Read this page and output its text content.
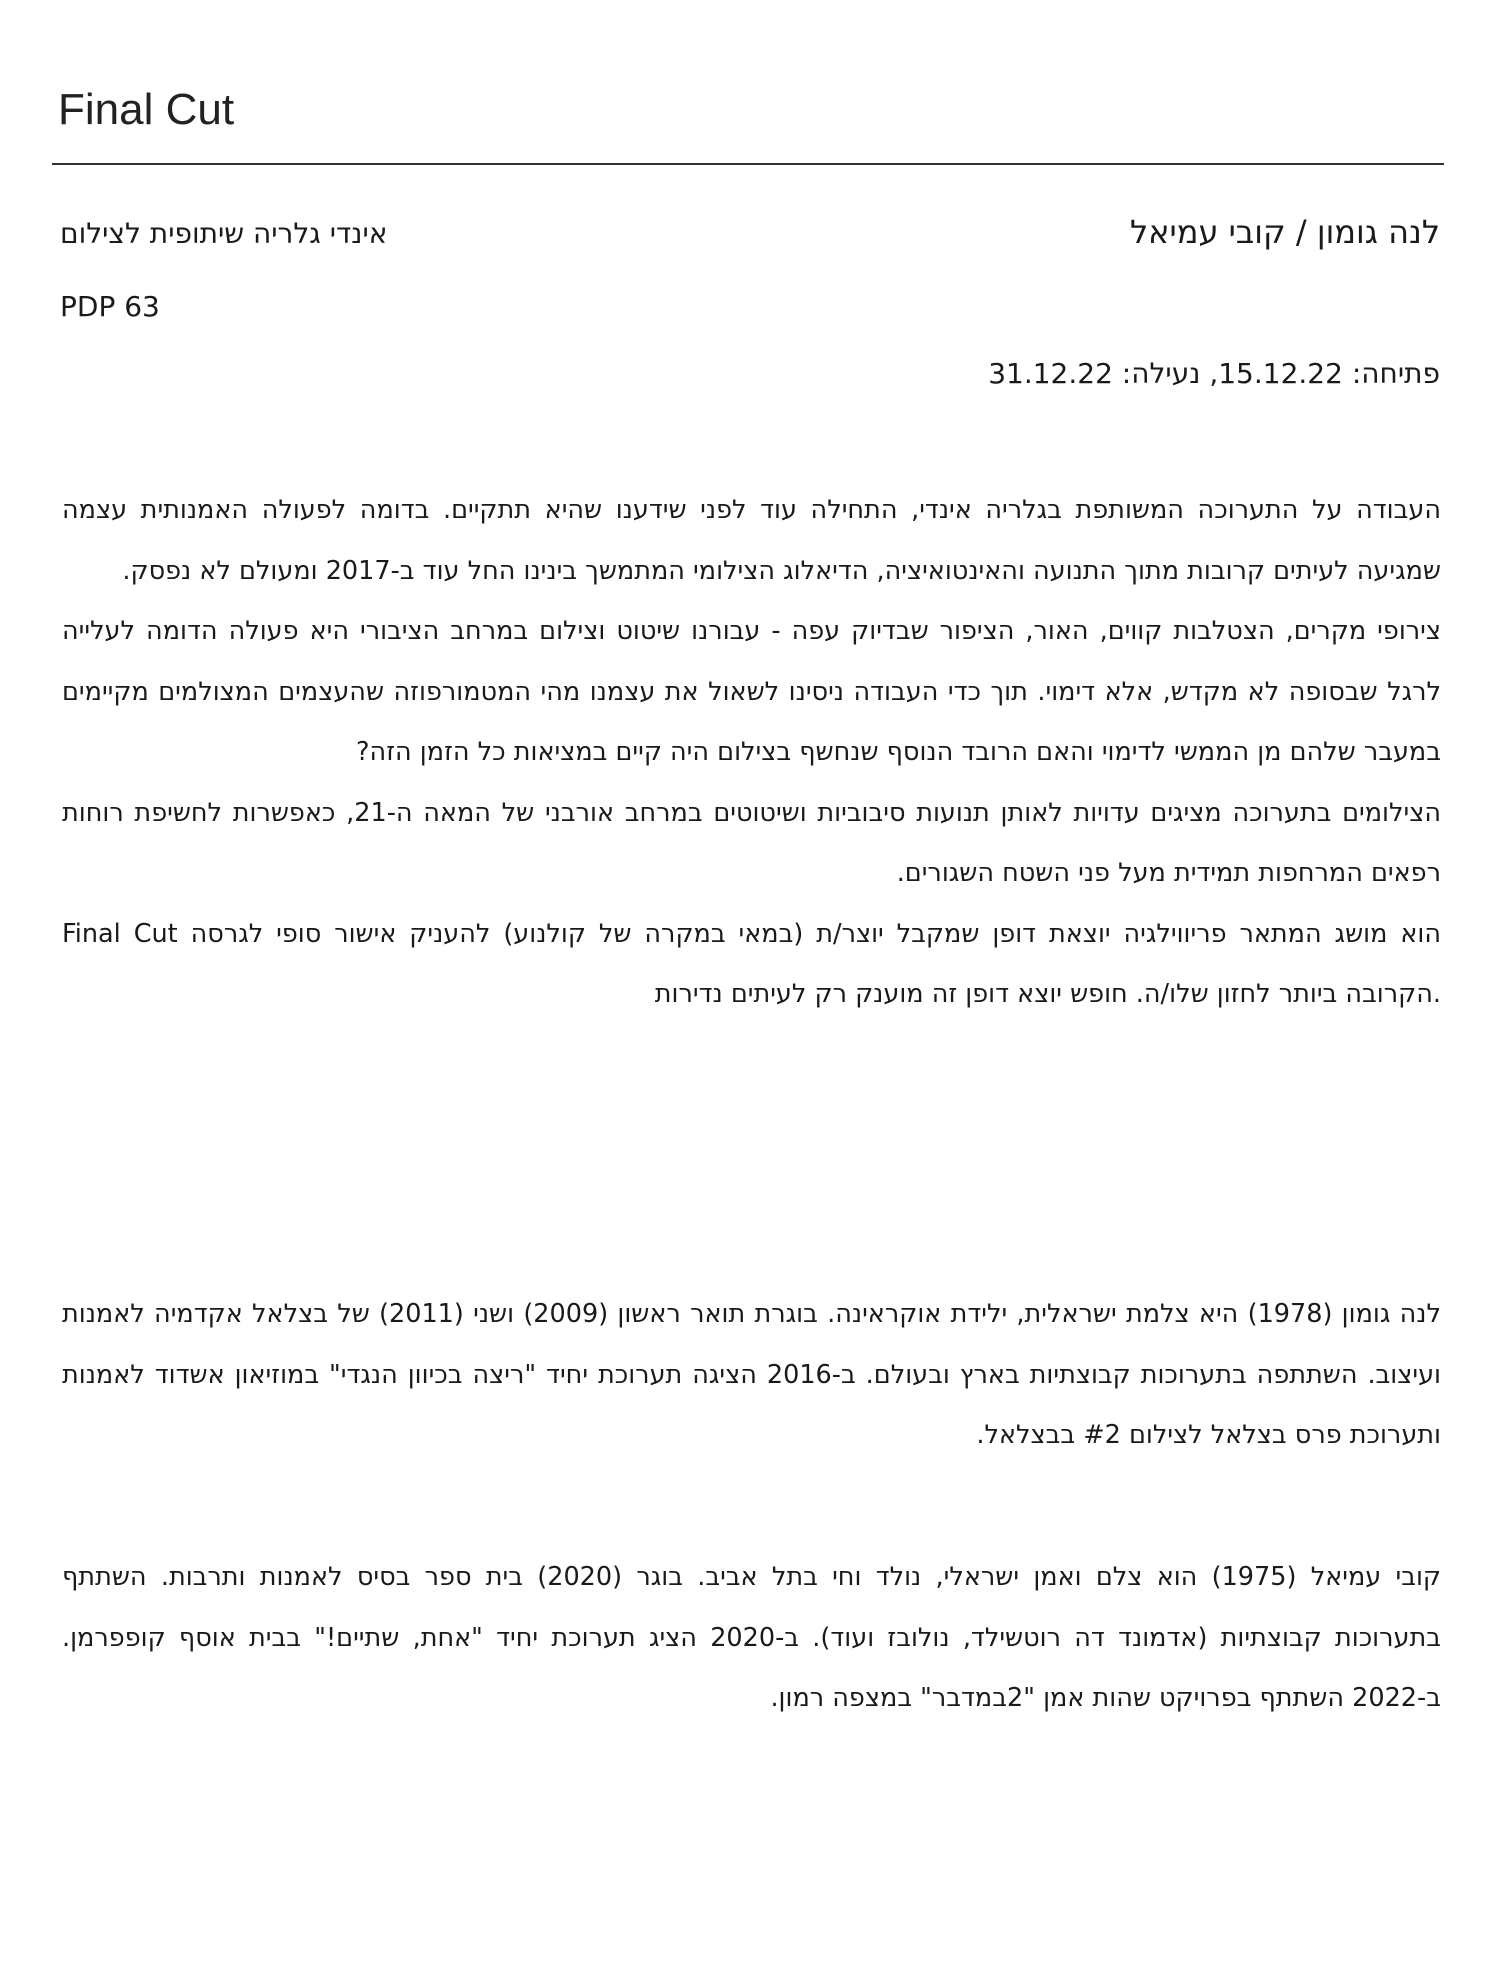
Final Cut
לנה גומון / קובי עמיאל
אינדי גלריה שיתופית לצילום
PDP 63
פתיחה: 15.12.22, נעילה: 31.12.22

העבודה על התערוכה המשותפת בגלריה אינדי, התחילה עוד לפני שידענו שהיא תתקיים. בדומה לפעולה האמנותית עצמה שמגיעה לעיתים קרובות מתוך התנועה והאינטואיציה, הדיאלוג הצילומי המתמשך בינינו החל עוד ב-2017 ומעולם לא נפסק.

צירופי מקרים, הצטלבות קווים, האור, הציפור שבדיוק עפה - עבורנו שיטוט וצילום במרחב הציבורי היא פעולה הדומה לעלייה לרגל שבסופה לא מקדש, אלא דימוי. תוך כדי העבודה ניסינו לשאול את עצמנו מהי המטמורפוזה שהעצמים המצולמים מקיימים במעבר שלהם מן הממשי לדימוי והאם הרובד הנוסף שנחשף בצילום היה קיים במציאות כל הזמן הזה?

הצילומים בתערוכה מציגים עדויות לאותן תנועות סיבוביות ושיטוטים במרחב אורבני של המאה ה-21, כאפשרות לחשיפת רוחות רפאים המרחפות תמידית מעל פני השטח השגורים.

Final Cut הוא מושג המתאר פריווילגיה יוצאת דופן שמקבל יוצר/ת (במאי במקרה של קולנוע) להעניק אישור סופי לגרסה הקרובה ביותר לחזון שלו/ה. חופש יוצא דופן זה מוענק רק לעיתים נדירות.

לנה גומון (1978) היא צלמת ישראלית, ילידת אוקראינה. בוגרת תואר ראשון (2009) ושני (2011) של בצלאל אקדמיה לאמנות ועיצוב. השתתפה בתערוכות קבוצתיות בארץ ובעולם. ב-2016 הציגה תערוכת יחיד "ריצה בכיוון הנגדי" במוזיאון אשדוד לאמנות ותערוכת פרס בצלאל לצילום #2 בבצלאל.
קובי עמיאל (1975) הוא צלם ואמן ישראלי, נולד וחי בתל אביב. בוגר (2020) בית ספר בסיס לאמנות ותרבות. השתתף בתערוכות קבוצתיות (אדמונד דה רוטשילד, נולובז ועוד). ב-2020 הציג תערוכת יחיד "אחת, שתיים!" בבית אוסף קופפרמן. ב-2022 השתתף בפרויקט שהות אמן "2במדבר" במצפה רמון.
